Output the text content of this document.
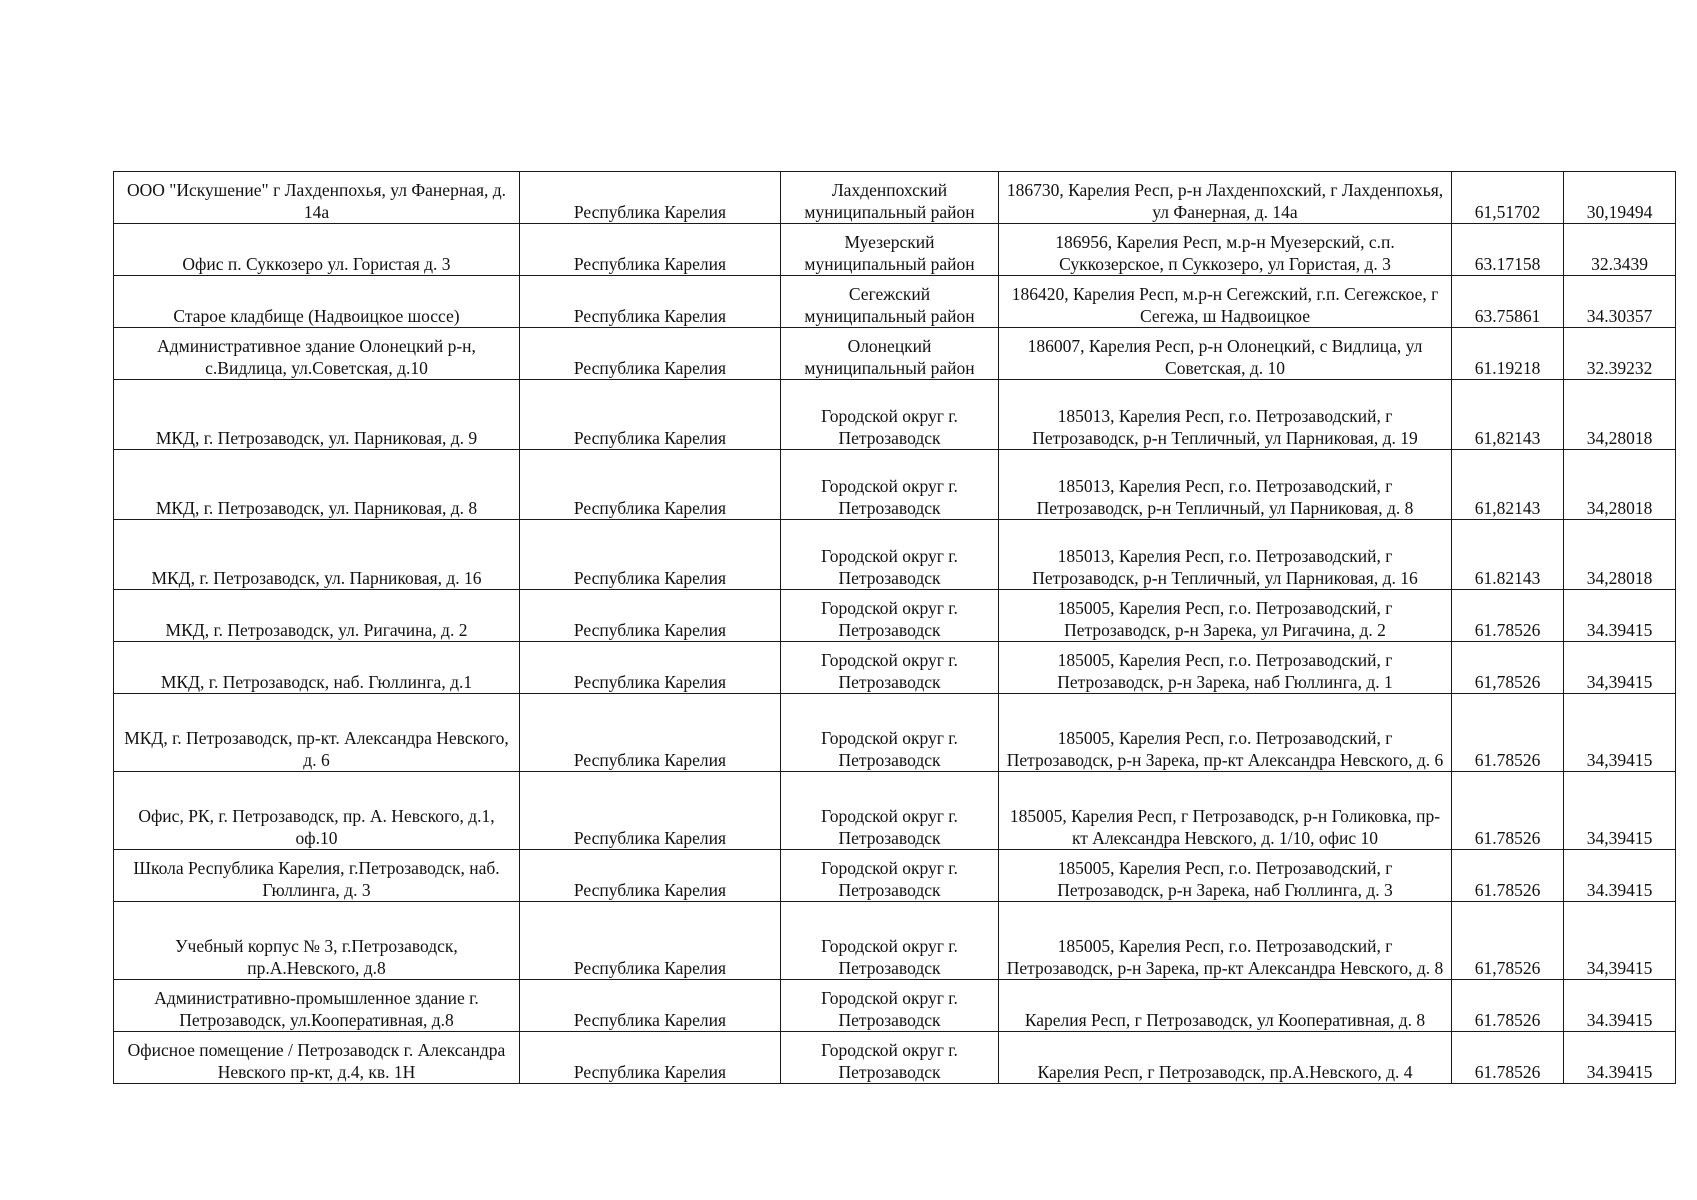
ООО "Искушение" г Лахденпохья, ул Фанерная, д. 14а	Республика Карелия	Лахденпохский муниципальный район	186730, Карелия Респ, р-н Лахденпохский, г Лахденпохья, ул Фанерная, д. 14а	61,51702	30,19494
Офис п. Суккозеро ул. Гористая д. 3	Республика Карелия	Муезерский муниципальный район	186956, Карелия Респ, м.р-н Муезерский, с.п. Суккозерское, п Суккозеро, ул Гористая, д. 3	63.17158	32.3439
Старое кладбище (Надвоицкое шоссе)	Республика Карелия	Сегежский муниципальный район	186420, Карелия Респ, м.р-н Сегежский, г.п. Сегежское, г Сегежа, ш Надвоицкое	63.75861	34.30357
Административное здание Олонецкий р-н, с.Видлица, ул.Советская, д.10	Республика Карелия	Олонецкий муниципальный район	186007, Карелия Респ, р-н Олонецкий, с Видлица, ул Советская, д. 10	61.19218	32.39232
МКД, г. Петрозаводск, ул. Парниковая, д. 9	Республика Карелия	Городской округ г. Петрозаводск	185013, Карелия Респ, г.о. Петрозаводский, г Петрозаводск, р-н Тепличный, ул Парниковая, д. 19	61,82143	34,28018
МКД, г. Петрозаводск, ул. Парниковая, д. 8	Республика Карелия	Городской округ г. Петрозаводск	185013, Карелия Респ, г.о. Петрозаводский, г Петрозаводск, р-н Тепличный, ул Парниковая, д. 8	61,82143	34,28018
МКД, г. Петрозаводск, ул. Парниковая, д. 16	Республика Карелия	Городской округ г. Петрозаводск	185013, Карелия Респ, г.о. Петрозаводский, г Петрозаводск, р-н Тепличный, ул Парниковая, д. 16	61.82143	34,28018
МКД, г. Петрозаводск, ул. Ригачина, д. 2	Республика Карелия	Городской округ г. Петрозаводск	185005, Карелия Респ, г.о. Петрозаводский, г Петрозаводск, р-н Зарека, ул Ригачина, д. 2	61.78526	34.39415
МКД, г. Петрозаводск, наб. Гюллинга, д.1	Республика Карелия	Городской округ г. Петрозаводск	185005, Карелия Респ, г.о. Петрозаводский, г Петрозаводск, р-н Зарека, наб Гюллинга, д. 1	61,78526	34,39415
МКД, г. Петрозаводск, пр-кт. Александра Невского, д. 6	Республика Карелия	Городской округ г. Петрозаводск	185005, Карелия Респ, г.о. Петрозаводский, г Петрозаводск, р-н Зарека, пр-кт Александра Невского, д. 6	61.78526	34,39415
Офис, РК, г. Петрозаводск, пр. А. Невского, д.1, оф.10	Республика Карелия	Городской округ г. Петрозаводск	185005, Карелия Респ, г Петрозаводск, р-н Голиковка, пр-кт Александра Невского, д. 1/10, офис 10	61.78526	34,39415
Школа Республика Карелия, г.Петрозаводск, наб. Гюллинга, д. 3	Республика Карелия	Городской округ г. Петрозаводск	185005, Карелия Респ, г.о. Петрозаводский, г Петрозаводск, р-н Зарека, наб Гюллинга, д. 3	61.78526	34.39415
Учебный корпус № 3, г.Петрозаводск, пр.А.Невского, д.8	Республика Карелия	Городской округ г. Петрозаводск	185005, Карелия Респ, г.о. Петрозаводский, г Петрозаводск, р-н Зарека, пр-кт Александра Невского, д. 8	61,78526	34,39415
Административно-промышленное здание г. Петрозаводск, ул.Кооперативная, д.8	Республика Карелия	Городской округ г. Петрозаводск	Карелия Респ, г Петрозаводск, ул Кооперативная, д. 8	61.78526	34.39415
Офисное помещение / Петрозаводск г. Александра Невского пр-кт, д.4, кв. 1Н	Республика Карелия	Городской округ г. Петрозаводск	Карелия Респ, г Петрозаводск, пр.А.Невского, д. 4	61.78526	34.39415
